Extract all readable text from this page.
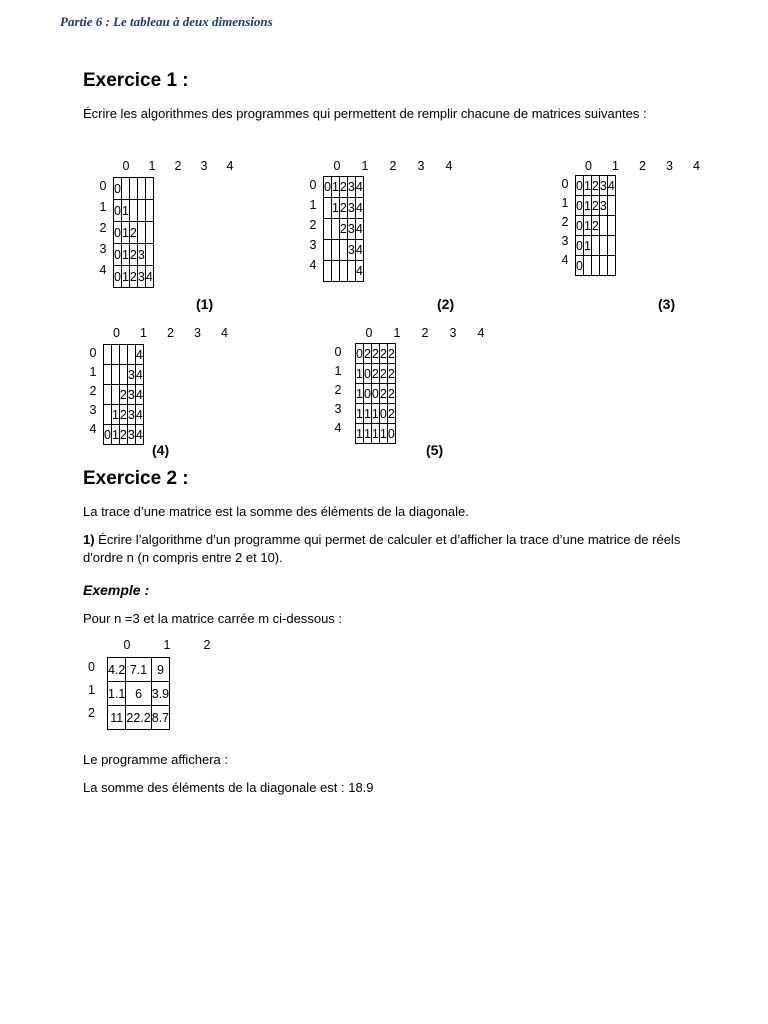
Partie 6 : Le tableau à deux dimensions
Exercice 1 :
Écrire les algorithmes des programmes qui permettent de remplir chacune de matrices suivantes :
0	1	2	3	4
0
1
2
3
4
0				
0	1			
0	1	2		
0	1	2	3	
0	1	2	3	4
(1)
0	1	2	3	4
0
1
2
3
4
0	1	2	3	4
	1	2	3	4
		2	3	4
			3	4
				4
(2)
0	1	2	3	4
0
1
2
3
4
0	1	2	3	4
0	1	2	3	
0	1	2		
0	1			
0				
(3)
0	1	2	3	4
0
1
2
3
4
				4
			3	4
		2	3	4
	1	2	3	4
0	1	2	3	4
(4)
0	1	2	3	4
0
1
2
3
4
0	2	2	2	2
1	0	2	2	2
1	0	0	2	2
1	1	1	0	2
1	1	1	1	0
(5)
Exercice 2 :
La trace d’une matrice est la somme des éléments de la diagonale.
1) Écrire l’algorithme d’un programme qui permet de calculer et d’afficher la trace d’une matrice de réels d'ordre n (n compris entre 2 et 10).
Exemple :
Pour n =3 et la matrice carrée m ci-dessous :
0	1	2
0
1
2
4.2	7.1	9
1.1	6	3.9
11	22.2	8.7
Le programme affichera :
La somme des éléments de la diagonale est : 18.9
